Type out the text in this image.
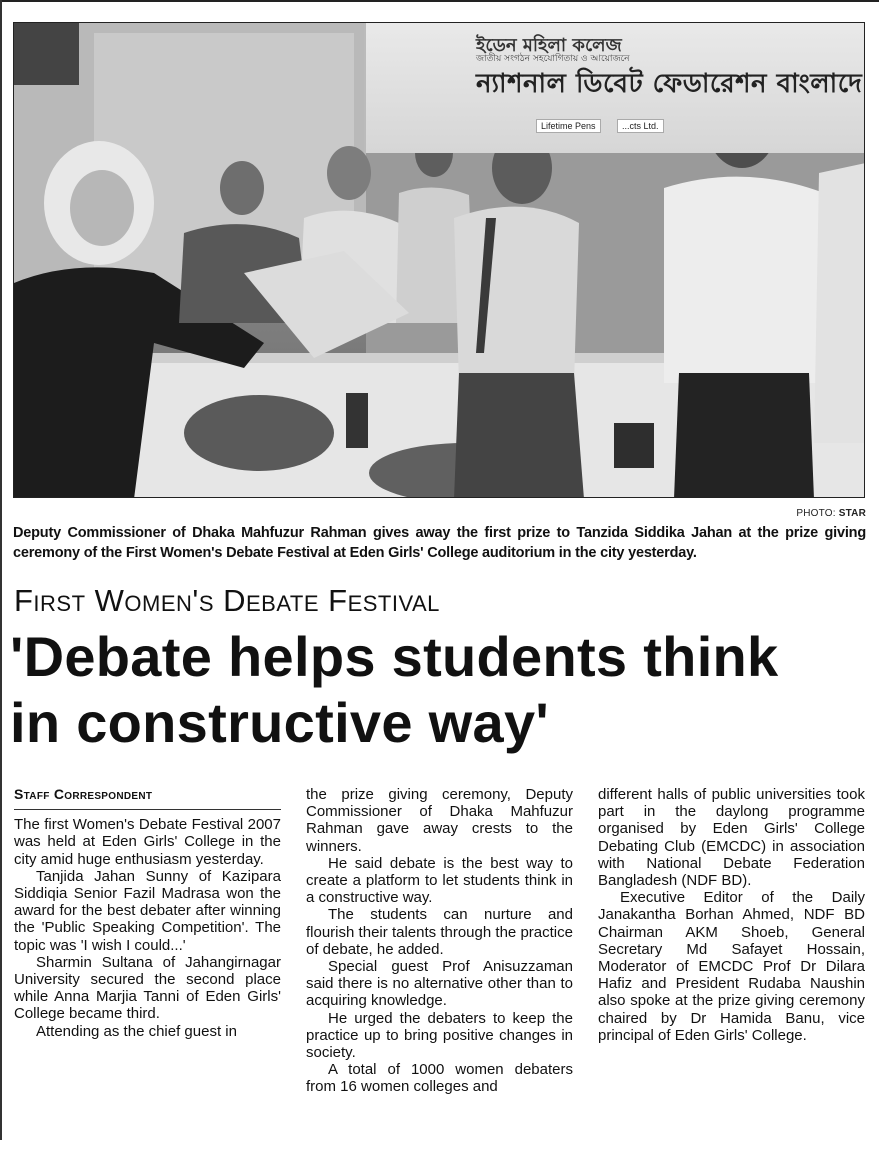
ইডেন মহিলা কলেজ
জাতীয় সংগঠন সহযোগিতায় ও আয়োজনে
ন্যাশনাল ডিবেট ফেডারেশন বাংলাদে
Lifetime Pens	...cts Ltd.
PHOTO: STAR

Deputy Commissioner of Dhaka Mahfuzur Rahman gives away the first prize to Tanzida Siddika Jahan at the prize giving ceremony of the First Women's Debate Festival at Eden Girls' College auditorium in the city yesterday.

First Women's Debate Festival

'Debate helps students think

in constructive way'

Staff Correspondent

The first Women's Debate Festival 2007 was held at Eden Girls' College in the city amid huge enthusiasm yesterday.

Tanjida Jahan Sunny of Kazipara Siddiqia Senior Fazil Madrasa won the award for the best debater after winning the 'Public Speaking Competition'. The topic was 'I wish I could...'

Sharmin Sultana of Jahangirnagar University secured the second place while Anna Marjia Tanni of Eden Girls' College became third.

Attending as the chief guest in

the prize giving ceremony, Deputy Commissioner of Dhaka Mahfuzur Rahman gave away crests to the winners.

He said debate is the best way to create a platform to let students think in a constructive way.

The students can nurture and flourish their talents through the practice of debate, he added.

Special guest Prof Anisuzzaman said there is no alternative other than to acquiring knowledge.

He urged the debaters to keep the practice up to bring positive changes in society.

A total of 1000 women debaters from 16 women colleges and

different halls of public universities took part in the daylong programme organised by Eden Girls' College Debating Club (EMCDC) in association with National Debate Federation Bangladesh (NDF BD).

Executive Editor of the Daily Janakantha Borhan Ahmed, NDF BD Chairman AKM Shoeb, General Secretary Md Safayet Hossain, Moderator of EMCDC Prof Dr Dilara Hafiz and President Rudaba Naushin also spoke at the prize giving ceremony chaired by Dr Hamida Banu, vice principal of Eden Girls' College.
